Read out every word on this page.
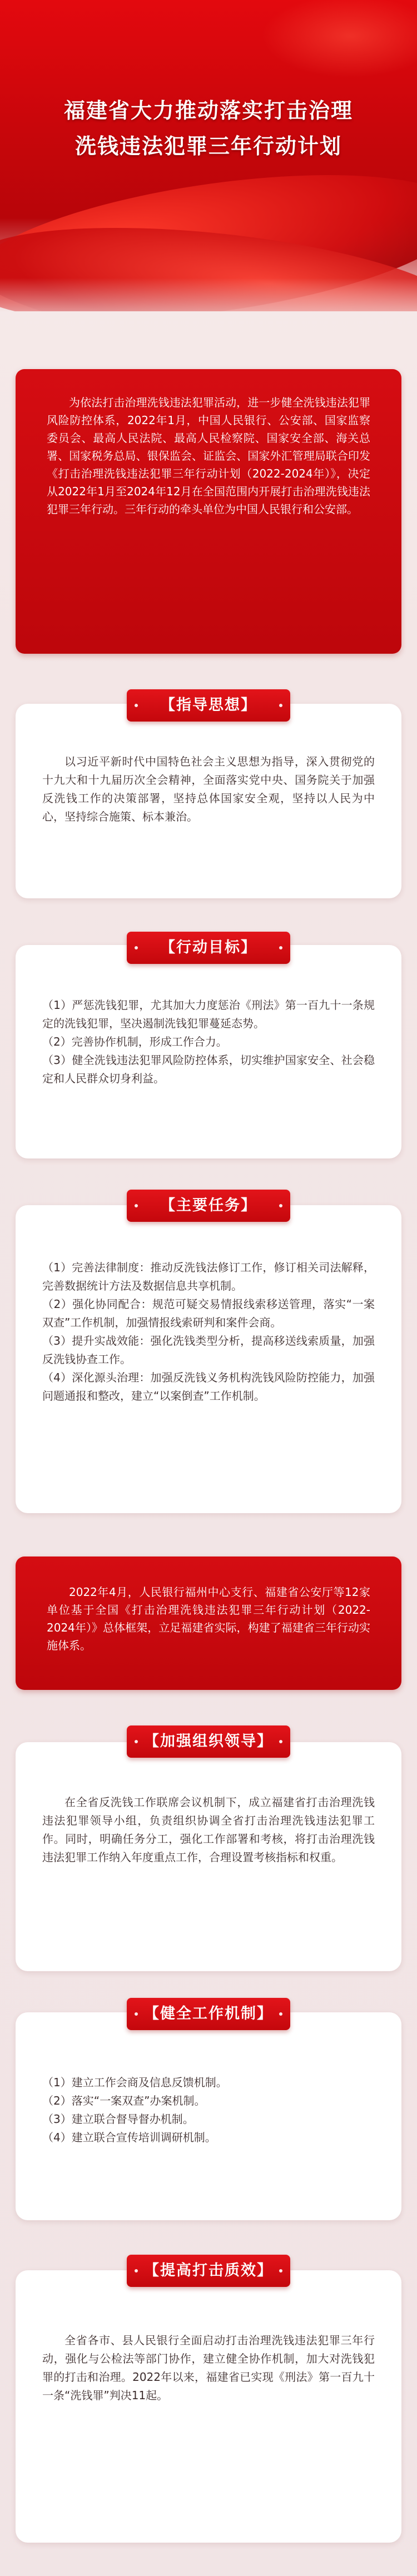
福建省大力推动落实打击治理
洗钱违法犯罪三年行动计划

为依法打击治理洗钱违法犯罪活动，进一步健全洗钱违法犯罪风险防控体系，2022年1月，中国人民银行、公安部、国家监察委员会、最高人民法院、最高人民检察院、国家安全部、海关总署、国家税务总局、银保监会、证监会、国家外汇管理局联合印发《打击治理洗钱违法犯罪三年行动计划（2022-2024年）》，决定从2022年1月至2024年12月在全国范围内开展打击治理洗钱违法犯罪三年行动。三年行动的牵头单位为中国人民银行和公安部。

以习近平新时代中国特色社会主义思想为指导，深入贯彻党的十九大和十九届历次全会精神，全面落实党中央、国务院关于加强反洗钱工作的决策部署，坚持总体国家安全观，坚持以人民为中心，坚持综合施策、标本兼治。

【指导思想】

（1）严惩洗钱犯罪，尤其加大力度惩治《刑法》第一百九十一条规定的洗钱犯罪，坚决遏制洗钱犯罪蔓延态势。

（2）完善协作机制，形成工作合力。

（3）健全洗钱违法犯罪风险防控体系，切实维护国家安全、社会稳定和人民群众切身利益。

【行动目标】

（1）完善法律制度：推动反洗钱法修订工作，修订相关司法解释，完善数据统计方法及数据信息共享机制。

（2）强化协同配合：规范可疑交易情报线索移送管理，落实“一案双查”工作机制，加强情报线索研判和案件会商。

（3）提升实战效能：强化洗钱类型分析，提高移送线索质量，加强反洗钱协查工作。

（4）深化源头治理：加强反洗钱义务机构洗钱风险防控能力，加强问题通报和整改，建立“以案倒查”工作机制。

【主要任务】

2022年4月，人民银行福州中心支行、福建省公安厅等12家单位基于全国《打击治理洗钱违法犯罪三年行动计划（2022-2024年）》总体框架，立足福建省实际，构建了福建省三年行动实施体系。

在全省反洗钱工作联席会议机制下，成立福建省打击治理洗钱违法犯罪领导小组，负责组织协调全省打击治理洗钱违法犯罪工作。同时，明确任务分工，强化工作部署和考核，将打击治理洗钱违法犯罪工作纳入年度重点工作，合理设置考核指标和权重。

【加强组织领导】

（1）建立工作会商及信息反馈机制。

（2）落实“一案双查”办案机制。

（3）建立联合督导督办机制。

（4）建立联合宣传培训调研机制。

【健全工作机制】

全省各市、县人民银行全面启动打击治理洗钱违法犯罪三年行动，强化与公检法等部门协作，建立健全协作机制，加大对洗钱犯罪的打击和治理。2022年以来，福建省已实现《刑法》第一百九十一条“洗钱罪”判决11起。

【提高打击质效】
